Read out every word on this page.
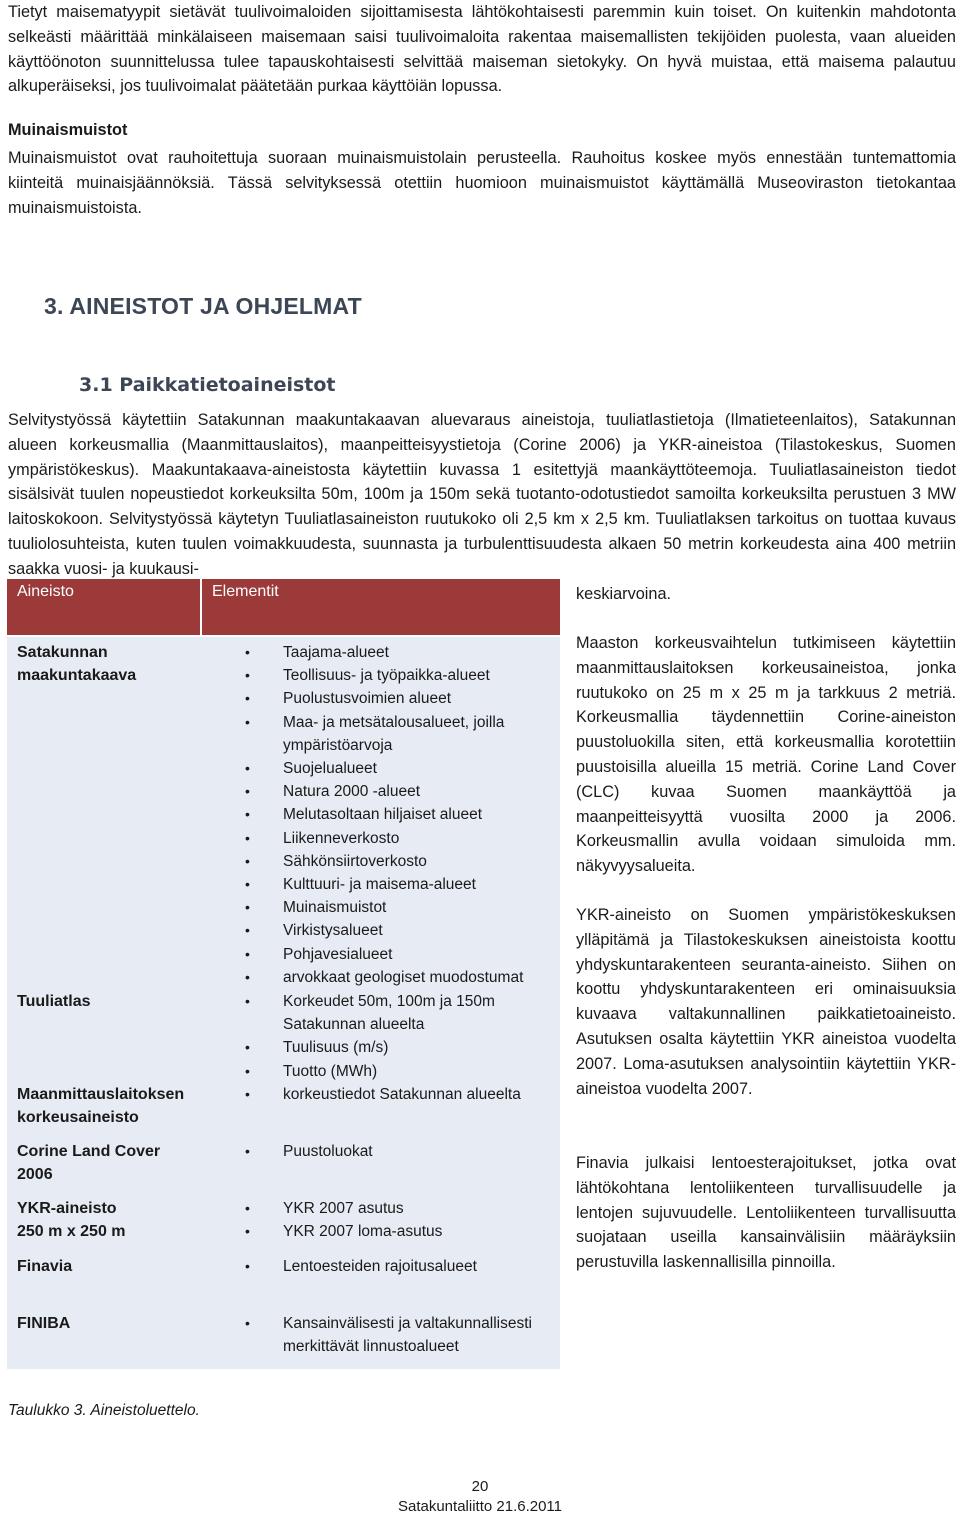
Tietyt maisematyypit sietävät tuulivoimaloiden sijoittamisesta lähtökohtaisesti paremmin kuin toiset. On kuitenkin mahdotonta selkeästi määrittää minkälaiseen maisemaan saisi tuulivoimaloita rakentaa maisemallisten tekijöiden puolesta, vaan alueiden käyttöönoton suunnittelussa tulee tapauskohtaisesti selvittää maiseman sietokyky. On hyvä muistaa, että maisema palautuu alkuperäiseksi, jos tuulivoimalat päätetään purkaa käyttöiän lopussa.

Muinaismuistot

Muinaismuistot ovat rauhoitettuja suoraan muinaismuistolain perusteella. Rauhoitus koskee myös ennestään tuntemattomia kiinteitä muinaisjäännöksiä. Tässä selvityksessä otettiin huomioon muinaismuistot käyttämällä Museoviraston tietokantaa muinaismuistoista.

3. AINEISTOT JA OHJELMAT
3.1 Paikkatietoaineistot

Selvitystyössä käytettiin Satakunnan maakuntakaavan aluevaraus aineistoja, tuuliatlastietoja (Ilmatieteenlaitos), Satakunnan alueen korkeusmallia (Maanmittauslaitos), maanpeitteisyystietoja (Corine 2006) ja YKR-aineistoa (Tilastokeskus, Suomen ympäristökeskus). Maakuntakaava-aineistosta käytettiin kuvassa 1 esitettyjä maankäyttöteemoja. Tuuliatlasaineiston tiedot sisälsivät tuulen nopeustiedot korkeuksilta 50m, 100m ja 150m sekä tuotanto-odotustiedot samoilta korkeuksilta perustuen 3 MW laitoskokoon. Selvitystyössä käytetyn Tuuliatlasaineiston ruutukoko oli 2,5 km x 2,5 km. Tuuliatlaksen tarkoitus on tuottaa kuvaus tuuliolosuhteista, kuten tuulen voimakkuudesta, suunnasta ja turbulenttisuudesta alkaen 50 metrin korkeudesta aina 400 metriin saakka vuosi- ja kuukausi-

keskiarvoina.

Aineisto	Elementit
Satakunnan maakuntakaava
• Taajama-alueet
• Teollisuus- ja työpaikka-alueet
• Puolustusvoimien alueet
• Maa- ja metsätalousalueet, joilla ympäristöarvoja
• Suojelualueet
• Natura 2000 -alueet
• Melutasoltaan hiljaiset alueet
• Liikenneverkosto
• Sähkönsiirtoverkosto
• Kulttuuri- ja maisema-alueet
• Muinaismuistot
• Virkistysalueet
• Pohjavesialueet
• arvokkaat geologiset muodostumat
Tuuliatlas	• Korkeudet 50m, 100m ja 150m Satakunnan alueelta
• Tuulisuus (m/s)
• Tuotto (MWh)
Maanmittauslaitoksen korkeusaineisto
• korkeustiedot Satakunnan alueelta
Corine Land Cover 2006
• Puustoluokat
YKR-aineisto 250 m x 250 m
• YKR 2007 asutus
• YKR 2007 loma-asutus
Finavia	• Lentoesteiden rajoitusalueet
FINIBA	• Kansainvälisesti ja valtakunnallisesti merkittävät linnustoalueet

Maaston korkeusvaihtelun tutkimiseen käytettiin maanmittauslaitoksen korkeusaineistoa, jonka ruutukoko on 25 m x 25 m ja tarkkuus 2 metriä. Korkeusmallia täydennettiin Corine-aineiston puustoluokilla siten, että korkeusmallia korotettiin puustoisilla alueilla 15 metriä. Corine Land Cover (CLC) kuvaa Suomen maankäyttöä ja maanpeitteisyyttä vuosilta 2000 ja 2006. Korkeusmallin avulla voidaan simuloida mm. näkyvyysalueita.

YKR-aineisto on Suomen ympäristökeskuksen ylläpitämä ja Tilastokeskuksen aineistoista koottu yhdyskuntarakenteen seuranta-aineisto. Siihen on koottu yhdyskuntarakenteen eri ominaisuuksia kuvaava valtakunnallinen paikkatietoaineisto. Asutuksen osalta käytettiin YKR aineistoa vuodelta 2007. Loma-asutuksen analysointiin käytettiin YKR-aineistoa vuodelta 2007.

Finavia julkaisi lentoesterajoitukset, jotka ovat lähtökohtana lentoliikenteen turvallisuudelle ja lentojen sujuvuudelle. Lentoliikenteen turvallisuutta suojataan useilla kansainvälisiin määräyksiin perustuvilla laskennallisilla pinnoilla.

Taulukko 3. Aineistoluettelo.

20

Satakuntaliitto 21.6.2011
